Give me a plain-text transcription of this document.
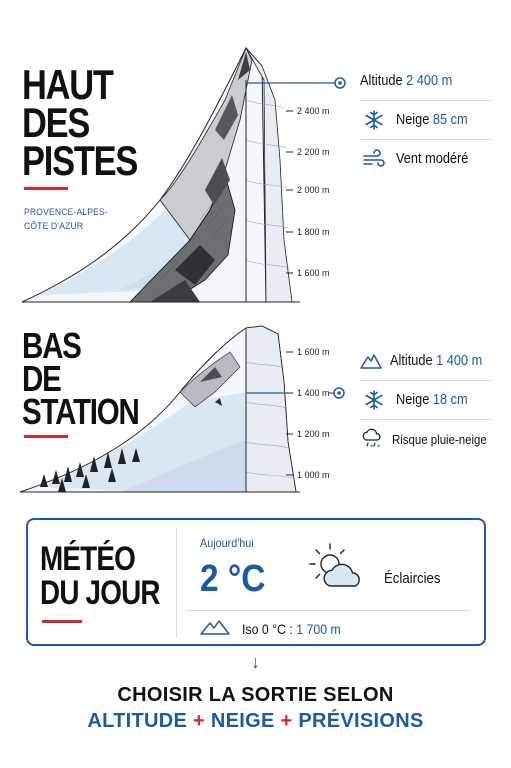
2 400 m
2 200 m
2 000 m
1 800 m
1 600 m
HAUT
DES
PISTES
PROVENCE-ALPES-
CÔTE D'AZUR
Altitude 2 400 m
Neige 85 cm
Vent modéré
1 600 m
1 400 m
1 200 m
1 000 m
BAS
DE
STATION
Altitude 1 400 m
Neige 18 cm
* *
Risque pluie-neige
MÉTÉO
DU JOUR
Aujourd'hui
2 °C	Éclaircies
Iso 0 °C : 1 700 m
↓
CHOISIR LA SORTIE SELON
ALTITUDE + NEIGE + PRÉVISIONS
